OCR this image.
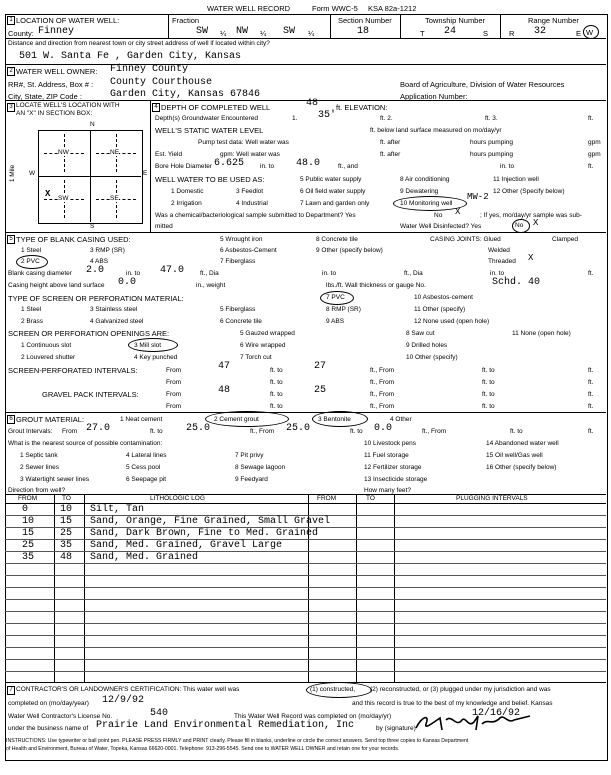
WATER WELL RECORD	Form WWC-5 KSA 82a-1212
1 LOCATION OF WATER WELL:
County: Finney
Fraction
SW ¼ NW ¼ SW ¼
Section Number
18
Township Number
T 24	S
Range Number
R 32	E W
Distance and direction from nearest town or city street address of well if located within city?
501 W. Santa Fe , Garden City, Kansas
2 WATER WELL OWNER: Finney County
RR#, St. Address, Box # : County Courthouse	Board of Agriculture, Division of Water Resources
City, State, ZIP Code :	Garden City, Kansas 67846	Application Number:
3 LOCATE WELL'S LOCATION WITH
AN "X" IN SECTION BOX:
N
S
W	E
1 Mile
NW	NE
SW	SE
X
4 DEPTH OF COMPLETED WELL	48 ft. ELEVATION:
Depth(s) Groundwater Encountered	1. 35'	ft. 2.	ft. 3.	ft.
WELL'S STATIC WATER LEVEL	ft. below land surface measured on mo/day/yr
Pump test data: Well water was	ft. after	hours pumping	gpm
Est. Yield	gpm: Well water was	ft. after	hours pumping	gpm
Bore Hole Diameter 6.625 in. to 48.0	ft., and	in. to	ft.
WELL WATER TO BE USED AS:	5 Public water supply	8 Air conditioning	11 Injection well
1 Domestic	3 Feedlot	6 Oil field water supply	9 Dewatering	12 Other (Specify below)
2 Irrigation	4 Industrial	7 Lawn and garden only	10 Monitoring well
MW-2
Was a chemical/bacteriological sample submitted to Department? Yes	No X	; If yes, mo/day/yr sample was sub-
mitted	Water Well Disinfected? Yes	No X
5 TYPE OF BLANK CASING USED:
1 Steel	3 RMP (SR)
5 Wrought iron	8 Concrete tile
2 PVC	4 ABS
6 Asbestos-Cement	9 Other (specify below)
7 Fiberglass
CASING JOINTS: Glued	Clamped
Welded
Threaded X
Blank casing diameter 2.0	in. to 47.0 ft., Dia	in. to	ft., Dia	in. to	ft.
Casing height above land surface 0.0	in., weight	lbs./ft. Wall thickness or gauge No.	Schd. 40
TYPE OF SCREEN OR PERFORATION MATERIAL:	7 PVC	10 Asbestos-cement
1 Steel	3 Stainless steel	5 Fiberglass	8 RMP (SR)	11 Other (specify)
2 Brass	4 Galvanized steel	6 Concrete tile	9 ABS	12 None used (open hole)
SCREEN OR PERFORATION OPENINGS ARE:	5 Gauzed wrapped	8 Saw cut	11 None (open hole)
1 Continuous slot	3 Mill slot	6 Wire wrapped	9 Drilled holes
2 Louvered shutter	4 Key punched	7 Torch cut	10 Other (specify)
SCREEN-PERFORATED INTERVALS:	From	47	ft. to	27	ft., From	ft. to	ft.
From	ft. to	ft., From	ft. to	ft.
GRAVEL PACK INTERVALS:	From	48	ft. to	25	ft., From	ft. to	ft.
From	ft. to	ft., From	ft. to	ft.
6 GROUT MATERIAL:	1 Neat cement	2 Cement grout	3 Bentonite	4 Other
Grout Intervals: From 27.0	ft. to 25.0	ft., From 25.0	ft. to 0.0	ft., From	ft. to	ft.
What is the nearest source of possible contamination:
1 Septic tank	4 Lateral lines	7 Pit privy
10 Livestock pens	14 Abandoned water well
2 Sewer lines	5 Cess pool	8 Sewage lagoon
11 Fuel storage	15 Oil well/Gas well
3 Watertight sewer lines	6 Seepage pit	9 Feedyard
12 Fertilizer storage	16 Other (specify below)
13 Insecticide storage
Direction from well?	How many feet?
FROM	TO	LITHOLOGIC LOG	FROM	TO	PLUGGING INTERVALS
0	10 Silt, Tan
10	15 Sand, Orange, Fine Grained, Small Gravel
15	25 Sand, Dark Brown, Fine to Med. Grained
25	35 Sand, Med. Grained, Gravel Large
35	48 Sand, Med. Grained
7 CONTRACTOR'S OR LANDOWNER'S CERTIFICATION: This water well was	(1) constructed, (2) reconstructed, or (3) plugged under my jurisdiction and was
completed on (mo/day/year) 12/9/92	and this record is true to the best of my knowledge and belief. Kansas
Water Well Contractor's License No.	540	This Water Well Record was completed on (mo/day/yr)	12/16/92
under the business name of Prairie Land Environmental Remediation, Inc	by (signature)
INSTRUCTIONS: Use typewriter or ball point pen. PLEASE PRESS FIRMLY and PRINT clearly. Please fill in blanks, underline or circle the correct answers. Send top three copies to Kansas Department
of Health and Environment, Bureau of Water, Topeka, Kansas 66620-0001. Telephone: 913-296-5545. Send one to WATER WELL OWNER and retain one for your records.
